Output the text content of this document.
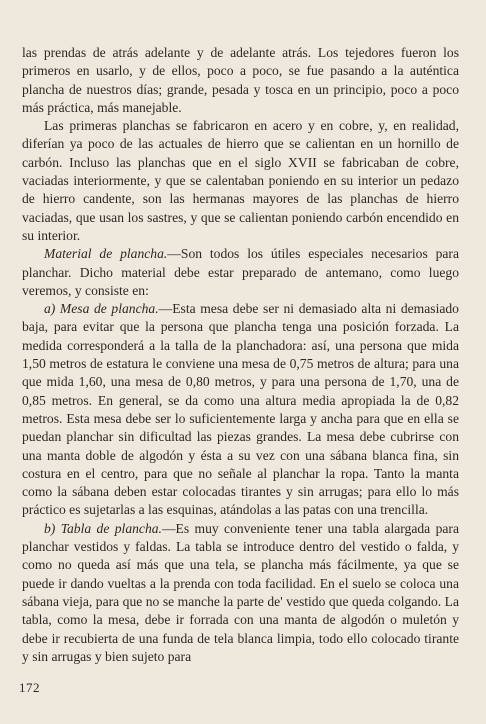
las prendas de atrás adelante y de adelante atrás. Los tejedores fueron los primeros en usarlo, y de ellos, poco a poco, se fue pasando a la auténtica plancha de nuestros días; grande, pesada y tosca en un principio, poco a poco más práctica, más manejable.

Las primeras planchas se fabricaron en acero y en cobre, y, en realidad, diferían ya poco de las actuales de hierro que se calientan en un hornillo de carbón. Incluso las planchas que en el siglo XVII se fabricaban de cobre, vaciadas interiormente, y que se calentaban poniendo en su interior un pedazo de hierro candente, son las hermanas mayores de las planchas de hierro vaciadas, que usan los sastres, y que se calientan poniendo carbón encendido en su interior.

Material de plancha.—Son todos los útiles especiales necesarios para planchar. Dicho material debe estar preparado de antemano, como luego veremos, y consiste en:

a) Mesa de plancha.—Esta mesa debe ser ni demasiado alta ni demasiado baja, para evitar que la persona que plancha tenga una posición forzada. La medida corresponderá a la talla de la planchadora: así, una persona que mida 1,50 metros de estatura le conviene una mesa de 0,75 metros de altura; para una que mida 1,60, una mesa de 0,80 metros, y para una persona de 1,70, una de 0,85 metros. En general, se da como una altura media apropiada la de 0,82 metros. Esta mesa debe ser lo suficientemente larga y ancha para que en ella se puedan planchar sin dificultad las piezas grandes. La mesa debe cubrirse con una manta doble de algodón y ésta a su vez con una sábana blanca fina, sin costura en el centro, para que no señale al planchar la ropa. Tanto la manta como la sábana deben estar colocadas tirantes y sin arrugas; para ello lo más práctico es sujetarlas a las esquinas, atándolas a las patas con una trencilla.

b) Tabla de plancha.—Es muy conveniente tener una tabla alargada para planchar vestidos y faldas. La tabla se introduce dentro del vestido o falda, y como no queda así más que una tela, se plancha más fácilmente, ya que se puede ir dando vueltas a la prenda con toda facilidad. En el suelo se coloca una sábana vieja, para que no se manche la parte de' vestido que queda colgando. La tabla, como la mesa, debe ir forrada con una manta de algodón o muletón y debe ir recubierta de una funda de tela blanca limpia, todo ello colocado tirante y sin arrugas y bien sujeto para

172
